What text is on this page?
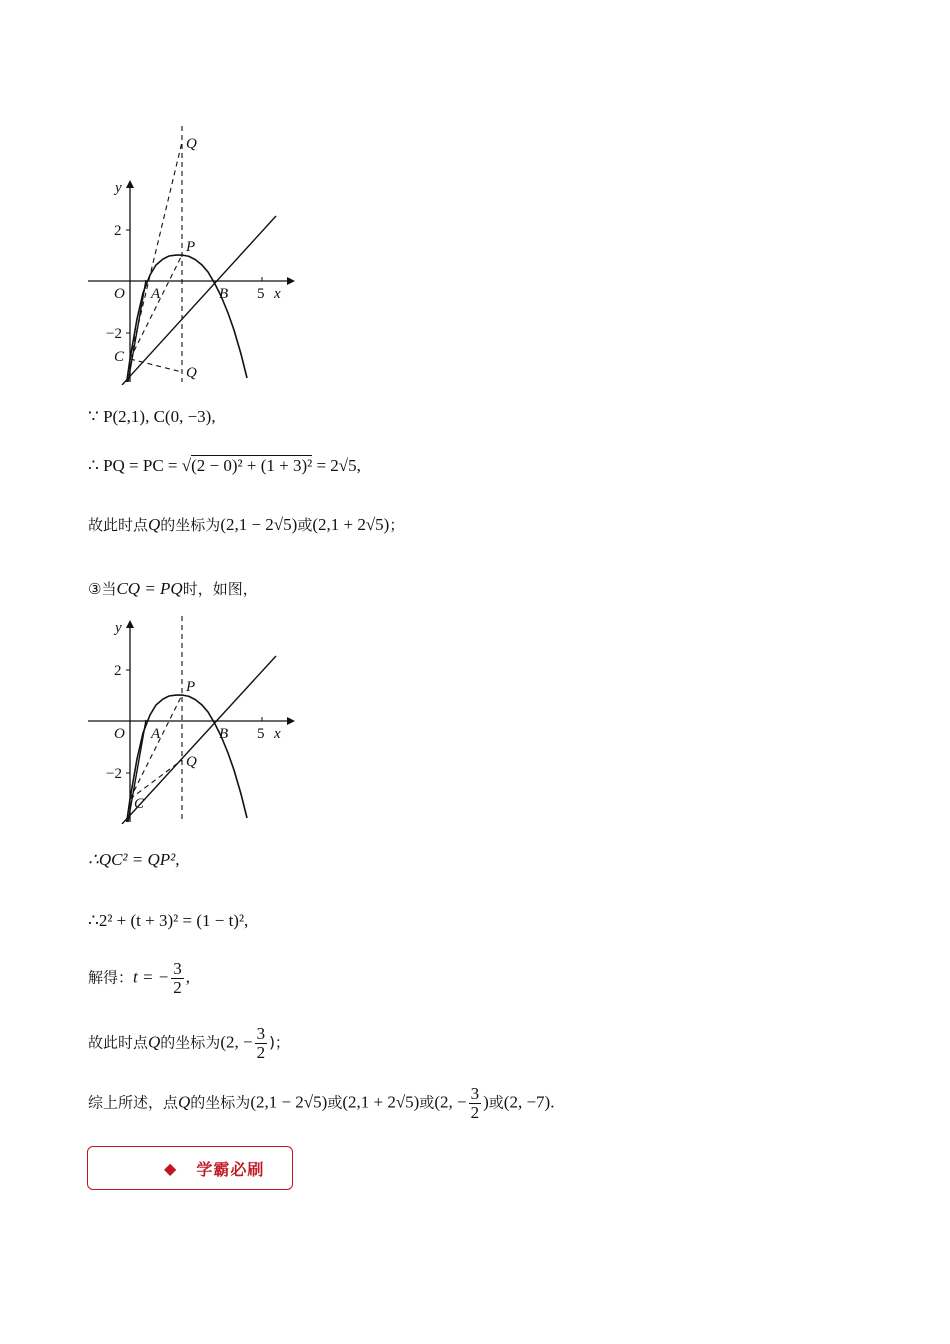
Q
y
2
P
O A	B 5 x
−2
C
Q
∵ P(2,1), C(0, −3),
∴ PQ = PC = √(2 − 0)² + (1 + 3)² = 2√5,
故此时点Q的坐标为(2,1 − 2√5)或(2,1 + 2√5)；
③当CQ = PQ时，如图，
y
2
P
O A	B 5 x
Q
−2
C
∴QC² = QP²,
∴2² + (t + 3)² = (1 − t)²,
解得：t = − $\frac{3}{2}$ ,
故此时点Q的坐标为(2, − $\frac{3}{2}$ )；
综上所述，点Q的坐标为(2,1 − 2√5)或(2,1 + 2√5)或(2, − $\frac{3}{2}$ )或(2, −7).
◆ 学霸必刷
